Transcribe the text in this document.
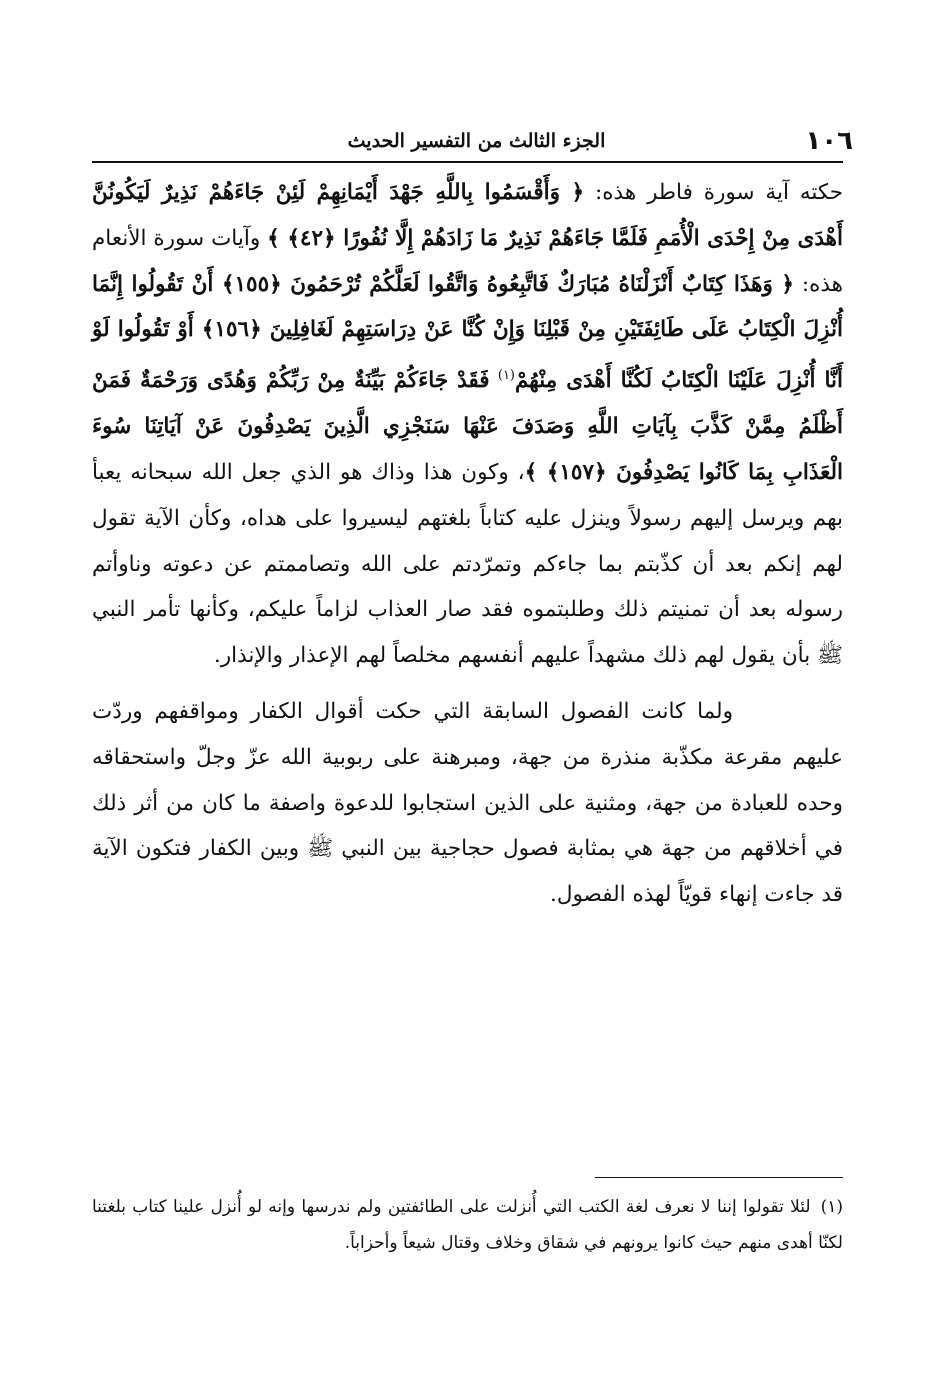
١٠٦
الجزء الثالث من التفسير الحديث

حكته آية سورة فاطر هذه: ﴿ وَأَقْسَمُوا بِاللَّهِ جَهْدَ أَيْمَانِهِمْ لَئِنْ جَاءَهُمْ نَذِيرٌ لَيَكُونُنَّ أَهْدَى مِنْ إِحْدَى الْأُمَمِ فَلَمَّا جَاءَهُمْ نَذِيرٌ مَا زَادَهُمْ إِلَّا نُفُورًا ﴿٤٢﴾ ﴾ وآيات سورة الأنعام هذه: ﴿ وَهَذَا كِتَابٌ أَنْزَلْنَاهُ مُبَارَكٌ فَاتَّبِعُوهُ وَاتَّقُوا لَعَلَّكُمْ تُرْحَمُونَ ﴿١٥٥﴾ أَنْ تَقُولُوا إِنَّمَا أُنْزِلَ الْكِتَابُ عَلَى طَائِفَتَيْنِ مِنْ قَبْلِنَا وَإِنْ كُنَّا عَنْ دِرَاسَتِهِمْ لَغَافِلِينَ ﴿١٥٦﴾ أَوْ تَقُولُوا لَوْ أَنَّا أُنْزِلَ عَلَيْنَا الْكِتَابُ لَكُنَّا أَهْدَى مِنْهُمْ$^{(١)}$ فَقَدْ جَاءَكُمْ بَيِّنَةٌ مِنْ رَبِّكُمْ وَهُدًى وَرَحْمَةٌ فَمَنْ أَظْلَمُ مِمَّنْ كَذَّبَ بِآيَاتِ اللَّهِ وَصَدَفَ عَنْهَا سَنَجْزِي الَّذِينَ يَصْدِفُونَ عَنْ آيَاتِنَا سُوءَ الْعَذَابِ بِمَا كَانُوا يَصْدِفُونَ ﴿١٥٧﴾ ﴾، وكون هذا وذاك هو الذي جعل الله سبحانه يعبأ بهم ويرسل إليهم رسولاً وينزل عليه كتاباً بلغتهم ليسيروا على هداه، وكأن الآية تقول لهم إنكم بعد أن كذّبتم بما جاءكم وتمرّدتم على الله وتصاممتم عن دعوته وناوأتم رسوله بعد أن تمنيتم ذلك وطلبتموه فقد صار العذاب لزاماً عليكم، وكأنها تأمر النبي ﷺ بأن يقول لهم ذلك مشهداً عليهم أنفسهم مخلصاً لهم الإعذار والإنذار.

ولما كانت الفصول السابقة التي حكت أقوال الكفار ومواقفهم وردّت عليهم مقرعة مكذّبة منذرة من جهة، ومبرهنة على ربوبية الله عزّ وجلّ واستحقاقه وحده للعبادة من جهة، ومثنية على الذين استجابوا للدعوة واصفة ما كان من أثر ذلك في أخلاقهم من جهة هي بمثابة فصول حجاجية بين النبي ﷺ وبين الكفار فتكون الآية قد جاءت إنهاء قويّاً لهذه الفصول.

(١)لئلا تقولوا إننا لا نعرف لغة الكتب التي أُنزلت على الطائفتين ولم ندرسها وإنه لو أُنزل علينا كتاب بلغتنا لكنّا أهدى منهم حيث كانوا يرونهم في شقاق وخلاف وقتال شيعاً وأحزاباً.
